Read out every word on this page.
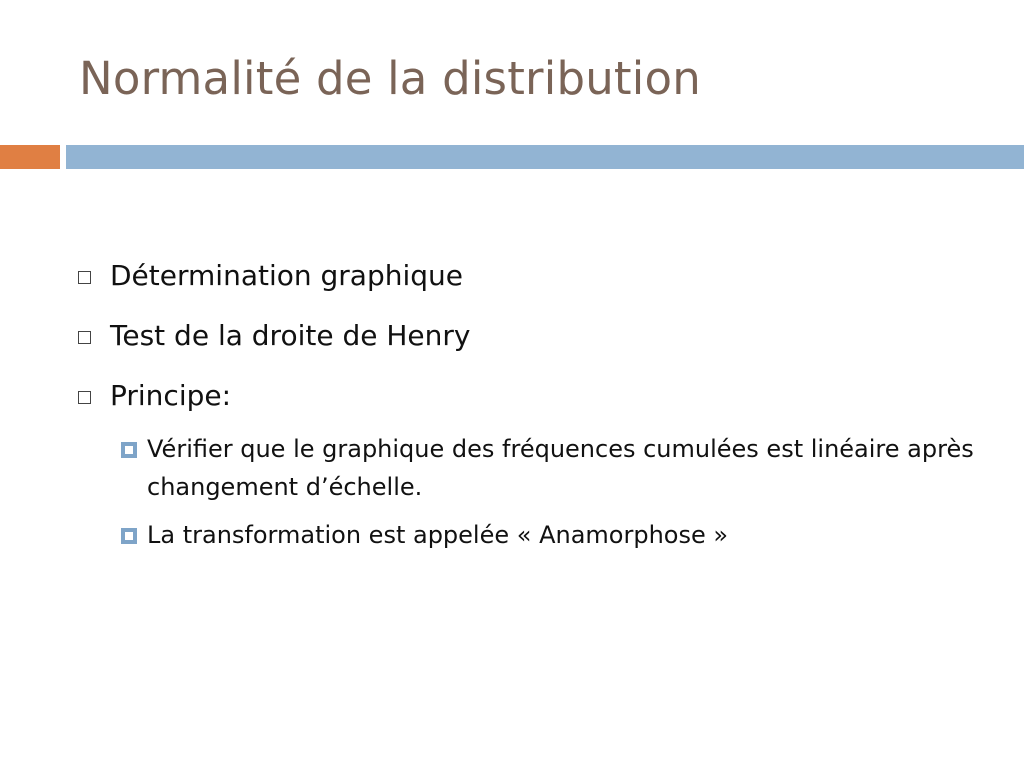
Normalité de la distribution
Détermination graphique
Test de la droite de Henry
Principe:
Vérifier que le graphique des fréquences cumulées est linéaire après changement d’échelle.
La transformation est appelée « Anamorphose »
